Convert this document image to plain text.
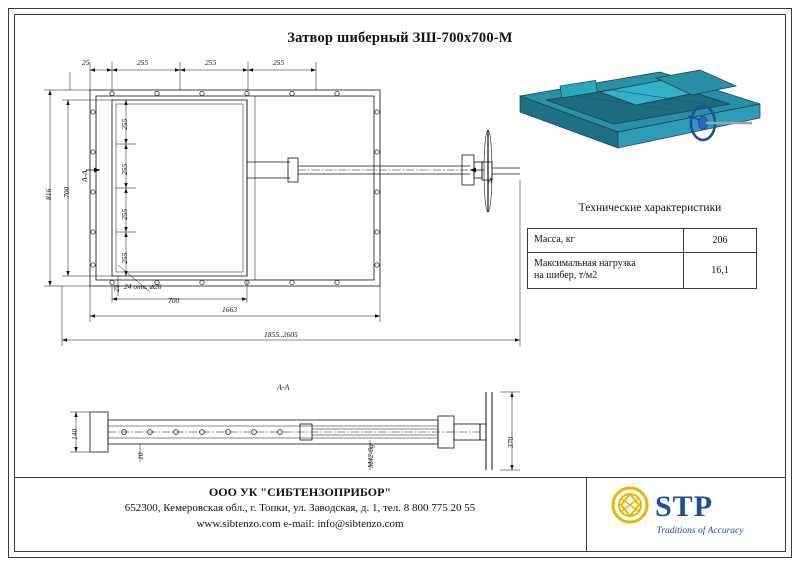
Затвор шиберный ЗШ-700х700-М
25	255	255	255
816 700
255
255
255
255
25 24 отв. ⌀26
700
1663
1855..2605
А-А	А
А-А
140
370
10	М42-6g
Технические характеристики
Масса, кг	206
Максимальная нагрузка
на шибер, т/м2	16,1
ООО УК "СИБТЕНЗОПРИБОР"
652300, Кемеровская обл., г. Топки, ул. Заводская, д. 1, тел. 8 800 775 20 55
www.sibtenzo.com e-mail: info@sibtenzo.com
STP
Traditions of Accuracy
